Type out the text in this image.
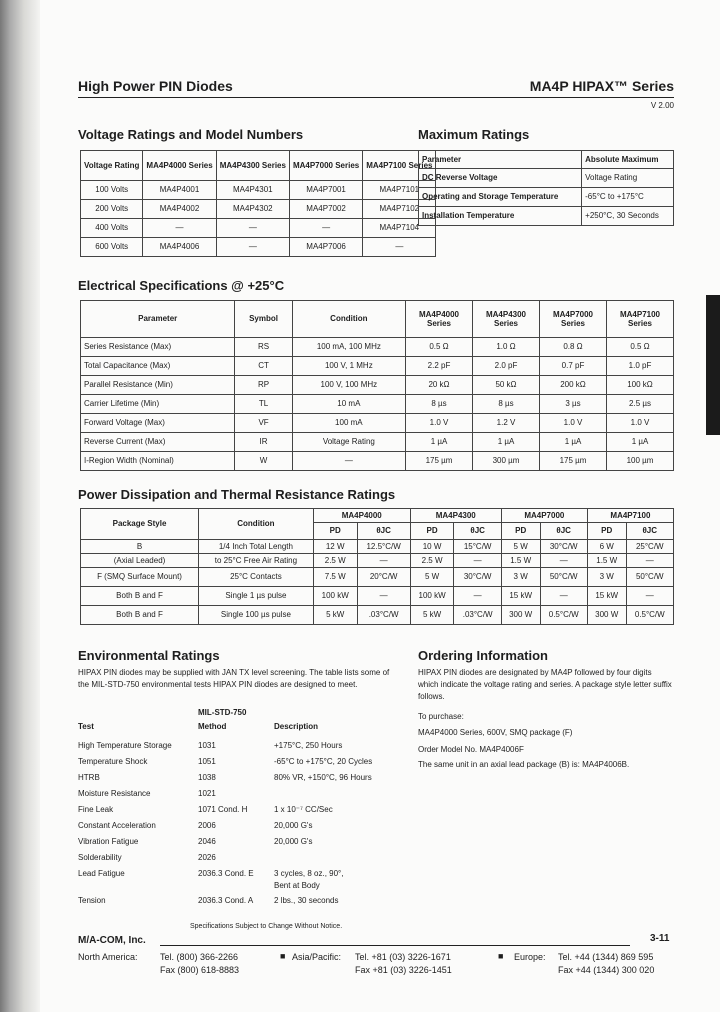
High Power PIN Diodes	MA4P HIPAX™ Series
V 2.00
Voltage Ratings and Model Numbers
Voltage Rating	MA4P4000 Series	MA4P4300 Series	MA4P7000 Series	MA4P7100 Series
100 Volts	MA4P4001	MA4P4301	MA4P7001	MA4P7101
200 Volts	MA4P4002	MA4P4302	MA4P7002	MA4P7102
400 Volts	—	—	—	MA4P7104
600 Volts	MA4P4006	—	MA4P7006	—
Maximum Ratings
Parameter	Absolute Maximum
DC Reverse Voltage	Voltage Rating
Operating and Storage Temperature	-65°C to +175°C
Installation Temperature	+250°C, 30 Seconds
Electrical Specifications @ +25°C
Parameter	Symbol	Condition	MA4P4000 Series	MA4P4300 Series	MA4P7000 Series	MA4P7100 Series
Series Resistance (Max)	RS	100 mA, 100 MHz	0.5 Ω	1.0 Ω	0.8 Ω	0.5 Ω
Total Capacitance (Max)	CT	100 V, 1 MHz	2.2 pF	2.0 pF	0.7 pF	1.0 pF
Parallel Resistance (Min)	RP	100 V, 100 MHz	20 kΩ	50 kΩ	200 kΩ	100 kΩ
Carrier Lifetime (Min)	TL	10 mA	8 µs	8 µs	3 µs	2.5 µs
Forward Voltage (Max)	VF	100 mA	1.0 V	1.2 V	1.0 V	1.0 V
Reverse Current (Max)	IR	Voltage Rating	1 µA	1 µA	1 µA	1 µA
I-Region Width (Nominal)	W	—	175 µm	300 µm	175 µm	100 µm
Power Dissipation and Thermal Resistance Ratings
Package Style	Condition	MA4P4000		MA4P4300		MA4P7000		MA4P7100	
		PD	θJC	PD	θJC	PD	θJC	PD	θJC
B	1/4 Inch Total Length	12 W	12.5°C/W	10 W	15°C/W	5 W	30°C/W	6 W	25°C/W
(Axial Leaded)	to 25°C Free Air Rating	2.5 W	—	2.5 W	—	1.5 W	—	1.5 W	—
F (SMQ Surface Mount)	25°C Contacts	7.5 W	20°C/W	5 W	30°C/W	3 W	50°C/W	3 W	50°C/W
Both B and F	Single 1 µs pulse	100 kW	—	100 kW	—	15 kW	—	15 kW	—
Both B and F	Single 100 µs pulse	5 kW	.03°C/W	5 kW	.03°C/W	300 W	0.5°C/W	300 W	0.5°C/W
Environmental Ratings

HIPAX PIN diodes may be supplied with JAN TX level screening. The table lists some of the MIL-STD-750 environmental tests HIPAX PIN diodes are designed to meet.

MIL-STD-750
Test	Method	Description
High Temperature Storage	1031	+175°C, 250 Hours
Temperature Shock	1051	-65°C to +175°C, 20 Cycles
HTRB	1038	80% VR, +150°C, 96 Hours
Moisture Resistance	1021
Fine Leak	1071 Cond. H	1 x 10⁻⁷ CC/Sec
Constant Acceleration	2006	20,000 G's
Vibration Fatigue	2046	20,000 G's
Solderability	2026
Lead Fatigue	2036.3 Cond. E	3 cycles, 8 oz., 90°,
Bent at Body
Tension	2036.3 Cond. A	2 lbs., 30 seconds
Ordering Information

HIPAX PIN diodes are designated by MA4P followed by four digits which indicate the voltage rating and series. A package style letter suffix follows.

To purchase:

MA4P4000 Series, 600V, SMQ package (F)

Order Model No. MA4P4006F

The same unit in an axial lead package (B) is: MA4P4006B.

Specifications Subject to Change Without Notice.
M/A-COM, Inc.	3-11
North America: Tel. (800) 366-2266
Fax (800) 618-8883
■ Asia/Pacific: Tel. +81 (03) 3226-1671
Fax +81 (03) 3226-1451
■ Europe: Tel. +44 (1344) 869 595
Fax +44 (1344) 300 020
